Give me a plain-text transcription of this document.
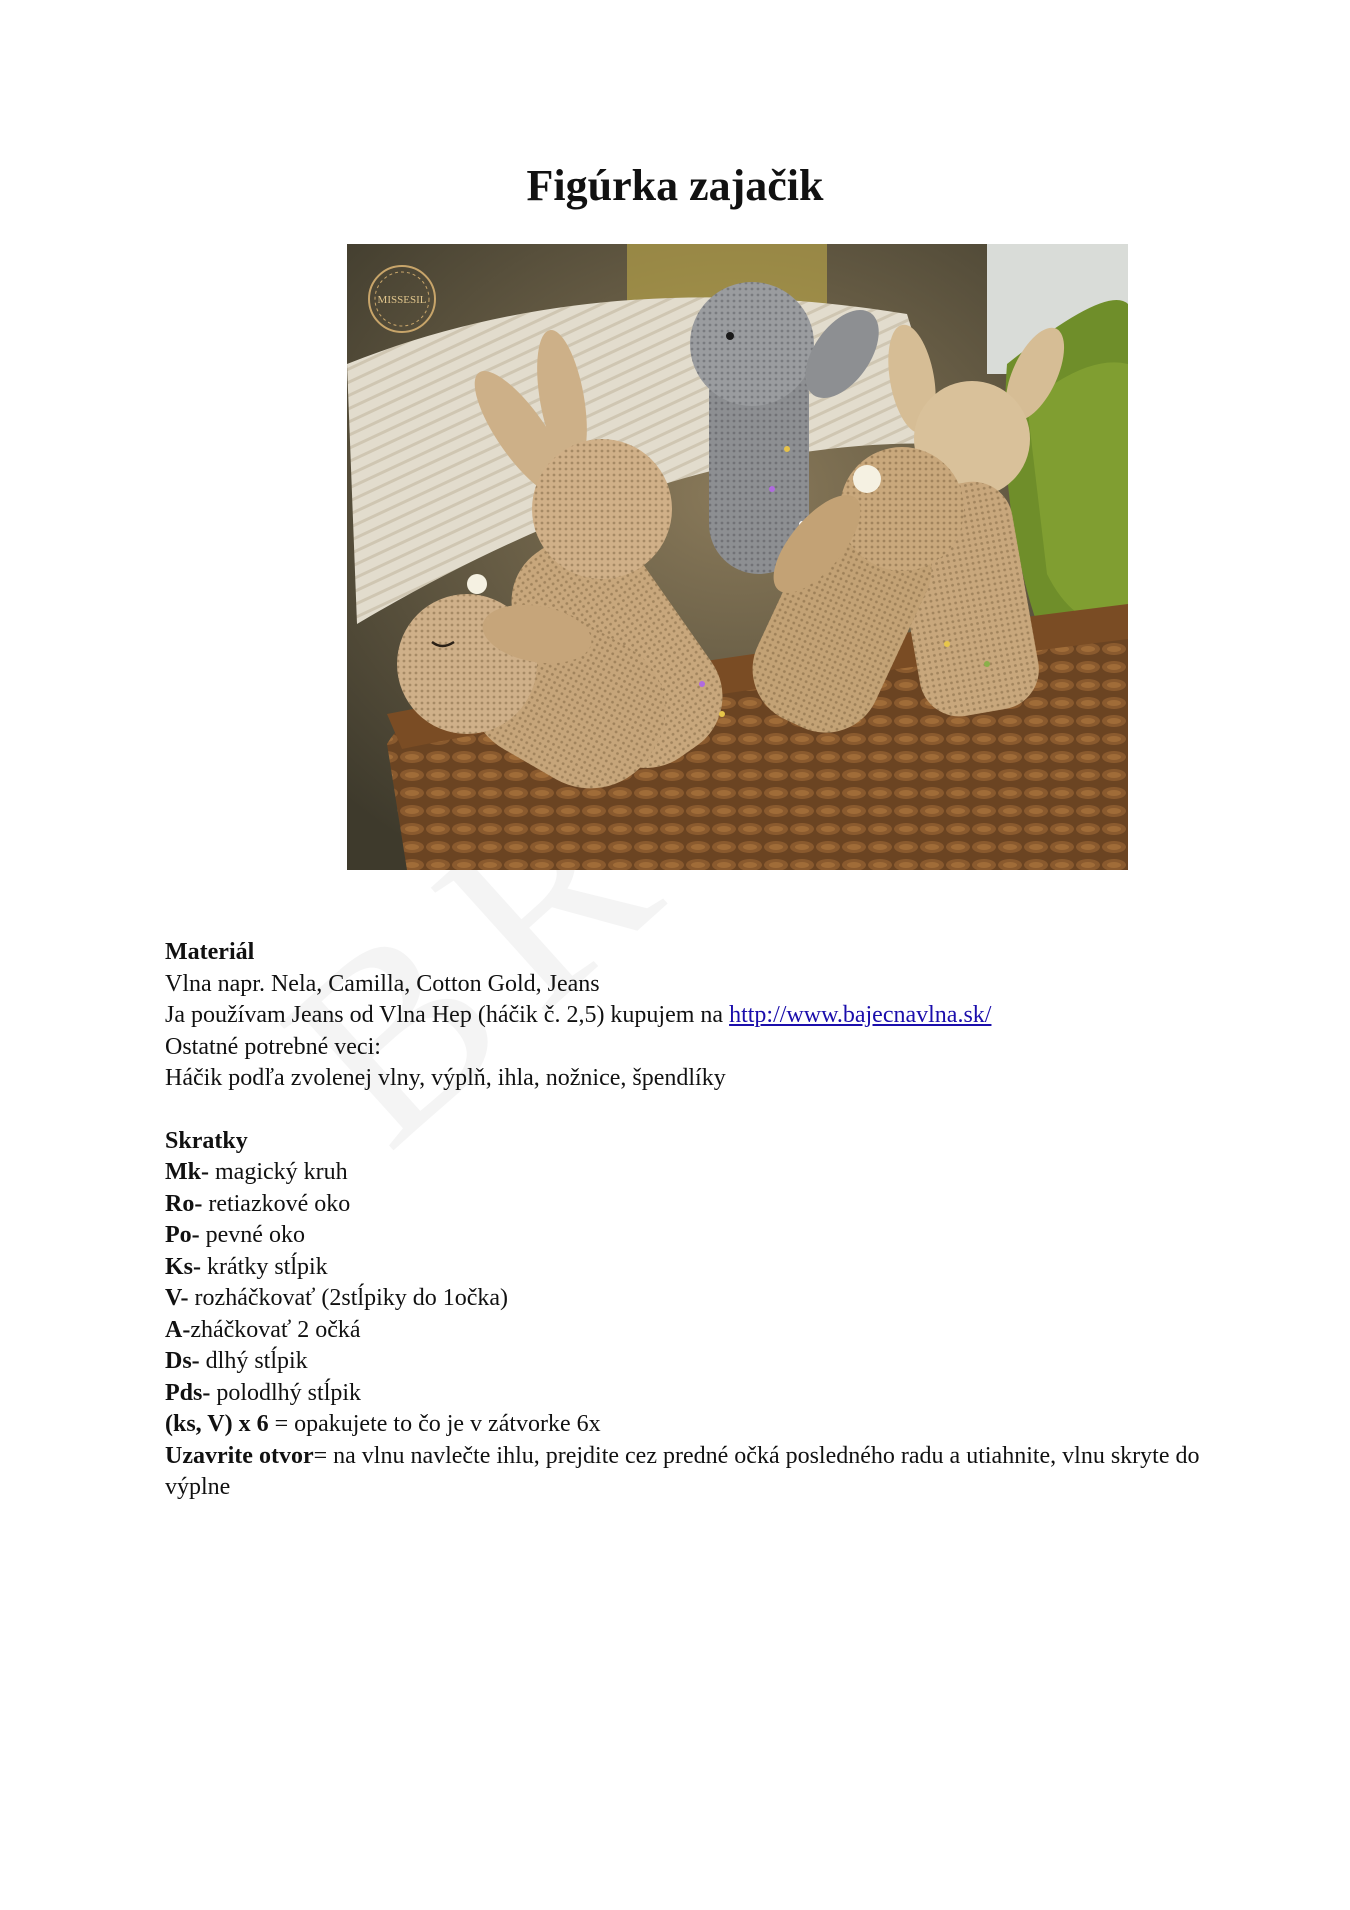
Figúrka zajačik
MISSESIL

Materiál

Vlna napr. Nela, Camilla, Cotton Gold, Jeans

Ja používam Jeans od Vlna Hep (háčik č. 2,5) kupujem na http://www.bajecnavlna.sk/

Ostatné potrebné veci:

Háčik podľa zvolenej vlny, výplň, ihla, nožnice, špendlíky

Skratky

Mk- magický kruh

Ro- retiazkové oko

Po- pevné oko

Ks- krátky stĺpik

V- rozháčkovať (2stĺpiky do 1očka)

A-zháčkovať 2 očká

Ds- dlhý stĺpik

Pds- polodlhý stĺpik

(ks, V) x 6 = opakujete to čo je v zátvorke 6x

Uzavrite otvor= na vlnu navlečte ihlu, prejdite cez predné očká posledného radu a utiahnite, vlnu skryte do výplne
